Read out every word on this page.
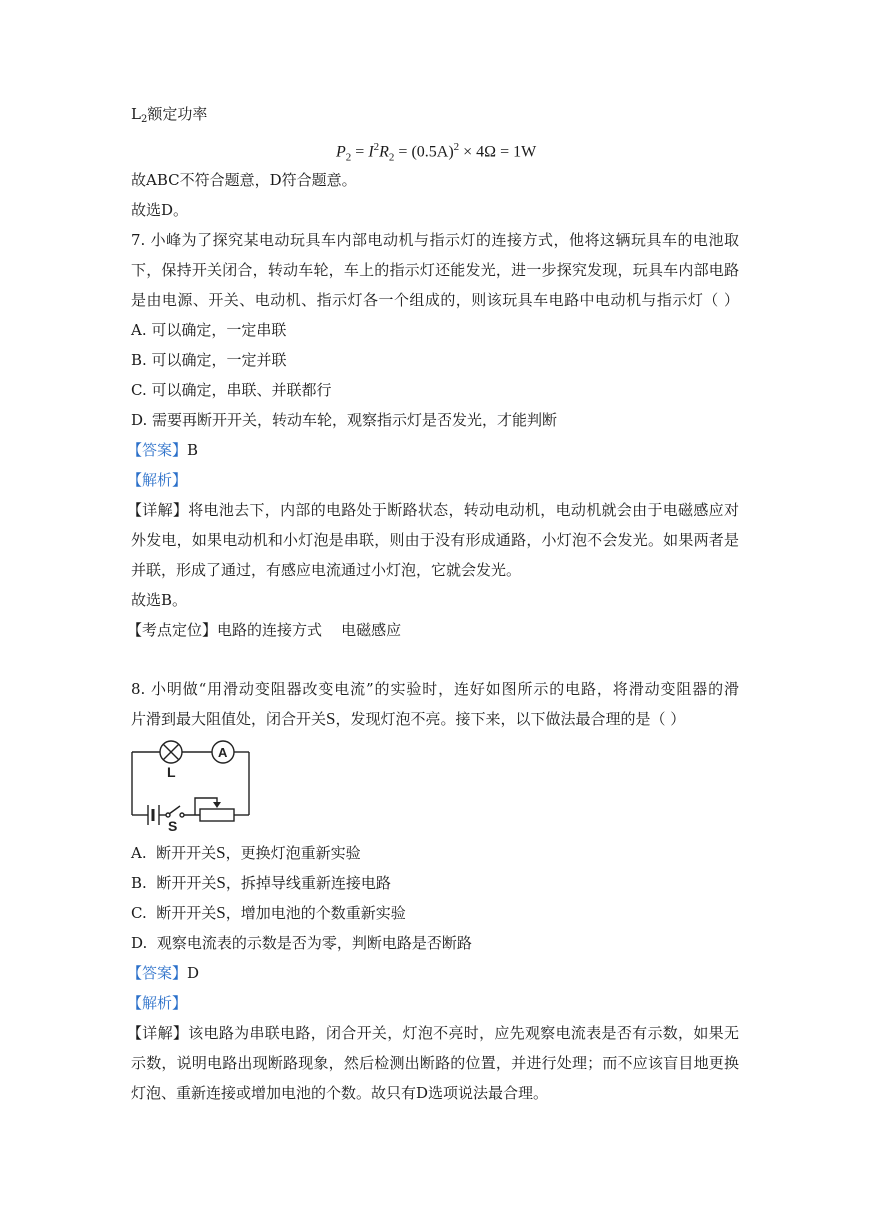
$L_2$额定功率
$P_2 = I^2R_2 = (0.5A)^2 \times 4\Omega = 1W$
故ABC不符合题意，D符合题意。
故选D。
7. 小峰为了探究某电动玩具车内部电动机与指示灯的连接方式，他将这辆玩具车的电池取
下，保持开关闭合，转动车轮，车上的指示灯还能发光，进一步探究发现，玩具车内部电路
是由电源、开关、电动机、指示灯各一个组成的，则该玩具车电路中电动机与指示灯（ ）
A. 可以确定，一定串联
B. 可以确定，一定并联
C. 可以确定，串联、并联都行
D. 需要再断开开关，转动车轮，观察指示灯是否发光，才能判断
【答案】B
【解析】
【详解】将电池去下，内部的电路处于断路状态，转动电动机，电动机就会由于电磁感应对
外发电，如果电动机和小灯泡是串联，则由于没有形成通路，小灯泡不会发光。如果两者是
并联，形成了通过，有感应电流通过小灯泡，它就会发光。
故选B。
【考点定位】电路的连接方式    电磁感应
8. 小明做“用滑动变阻器改变电流”的实验时，连好如图所示的电路，将滑动变阻器的滑
片滑到最大阻值处，闭合开关S，发现灯泡不亮。接下来，以下做法最合理的是（ ）
L
A
S
A. 断开开关S，更换灯泡重新实验
B. 断开开关S，拆掉导线重新连接电路
C. 断开开关S，增加电池的个数重新实验
D. 观察电流表的示数是否为零，判断电路是否断路
【答案】D
【解析】
【详解】该电路为串联电路，闭合开关，灯泡不亮时，应先观察电流表是否有示数，如果无
示数，说明电路出现断路现象，然后检测出断路的位置，并进行处理；而不应该盲目地更换
灯泡、重新连接或增加电池的个数。故只有D选项说法最合理。
